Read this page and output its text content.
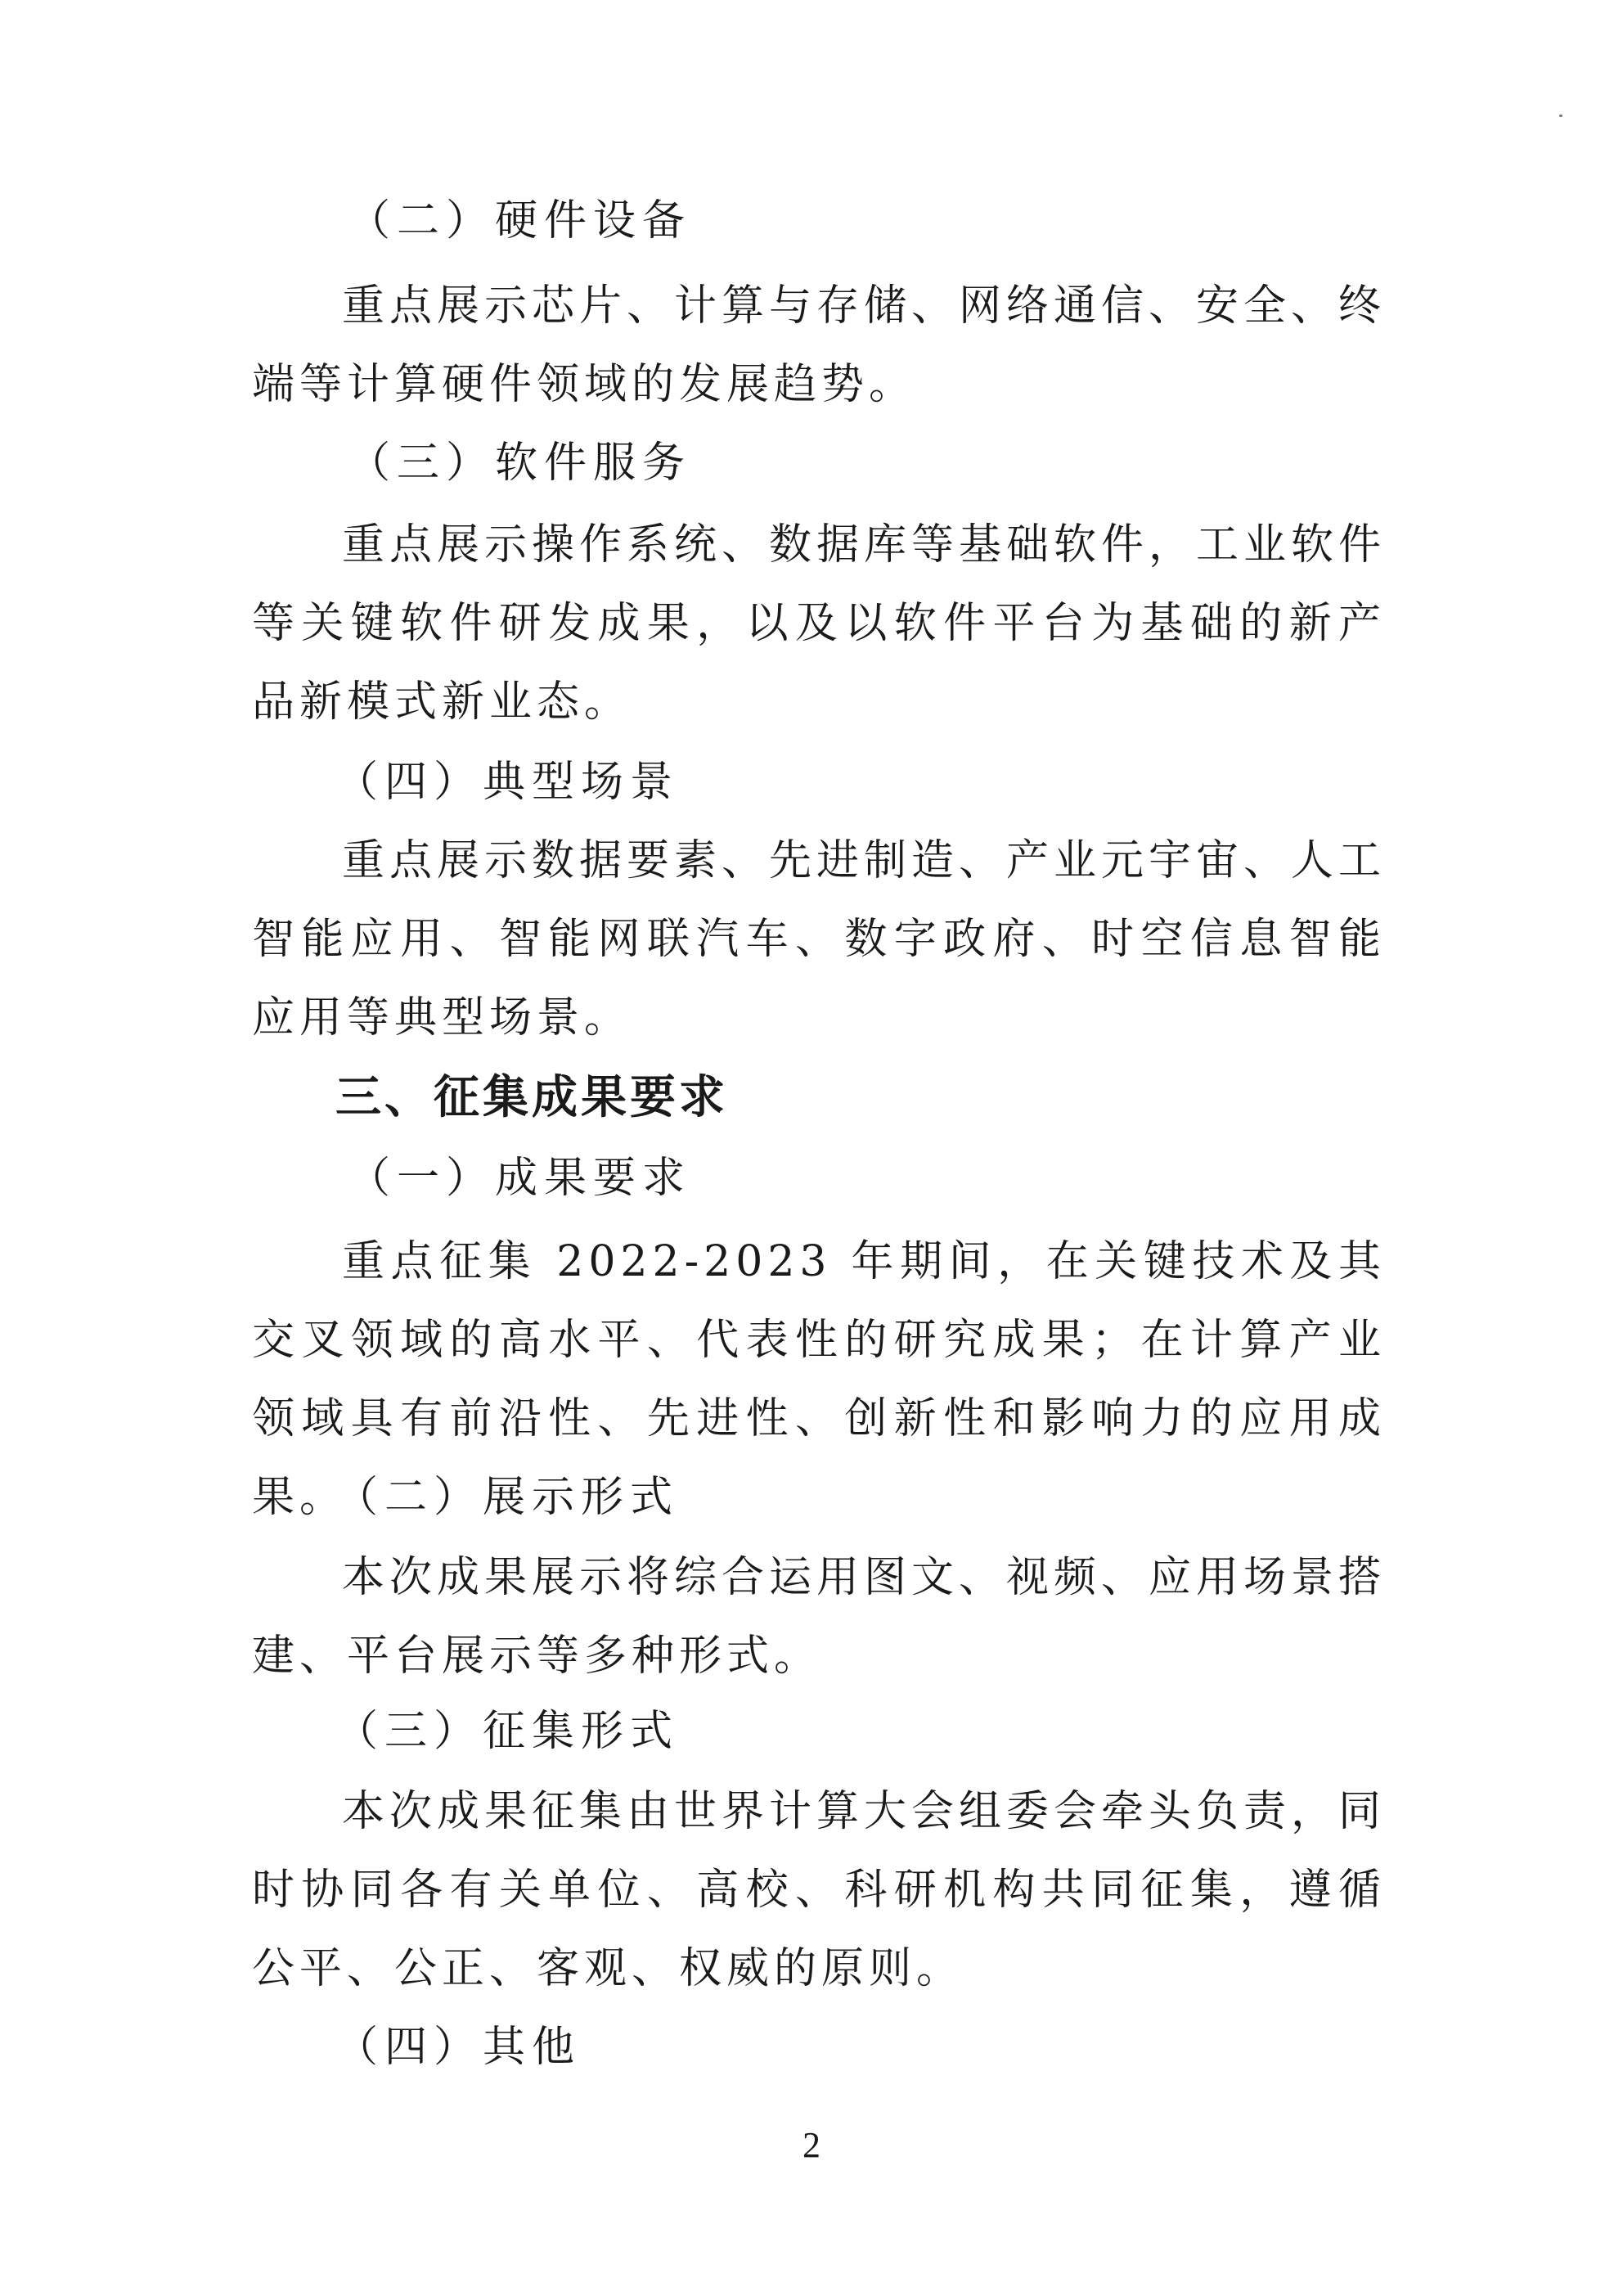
（二）硬件设备
重点展示芯片、计算与存储、网络通信、安全、终端等计算硬件领域的发展趋势。
（三）软件服务
重点展示操作系统、数据库等基础软件，工业软件等关键软件研发成果，以及以软件平台为基础的新产品新模式新业态。
（四）典型场景
重点展示数据要素、先进制造、产业元宇宙、人工智能应用、智能网联汽车、数字政府、时空信息智能应用等典型场景。
三、征集成果要求
（一）成果要求
重点征集 2022-2023 年期间，在关键技术及其交叉领域的高水平、代表性的研究成果；在计算产业领域具有前沿性、先进性、创新性和影响力的应用成果。
（二）展示形式
本次成果展示将综合运用图文、视频、应用场景搭建、平台展示等多种形式。
（三）征集形式
本次成果征集由世界计算大会组委会牵头负责，同时协同各有关单位、高校、科研机构共同征集，遵循公平、公正、客观、权威的原则。
（四）其他
2
